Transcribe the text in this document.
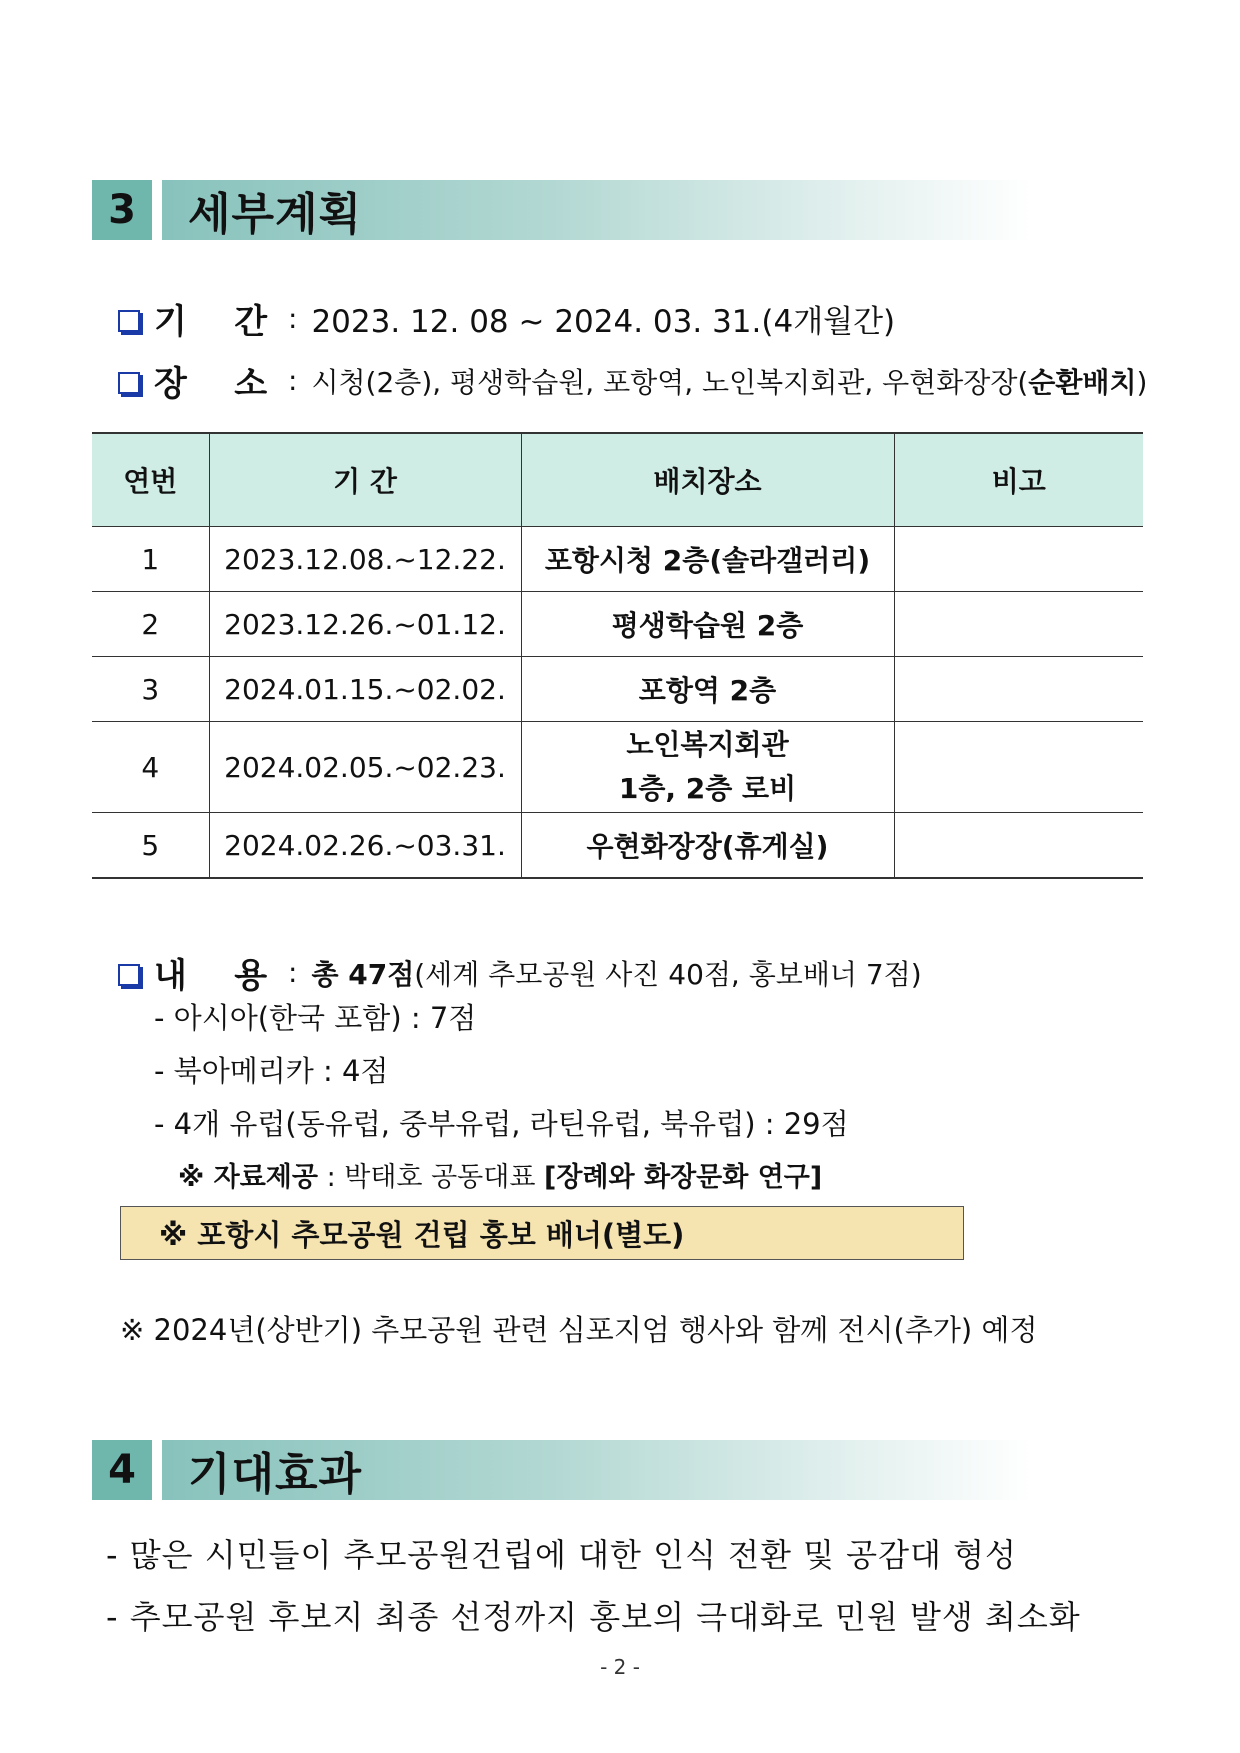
3	세부계획
기    간 : 2023. 12. 08 ~ 2024. 03. 31.(4개월간)
장    소 : 시청(2층), 평생학습원, 포항역, 노인복지회관, 우현화장장(순환배치)
연번	기 간	배치장소	비고
1	2023.12.08.~12.22.	포항시청 2층(솔라갤러리)	
2	2023.12.26.~01.12.	평생학습원 2층	
3	2024.01.15.~02.02.	포항역 2층	
4	2024.02.05.~02.23.	노인복지회관
1층, 2층 로비	

5	2024.02.26.~03.31.	우현화장장(휴게실)	
내    용 : 총 47점(세계 추모공원 사진 40점, 홍보배너 7점)
- 아시아(한국 포함) : 7점
- 북아메리카 : 4점
- 4개 유럽(동유럽, 중부유럽, 라틴유럽, 북유럽) : 29점
※ 자료제공 : 박태호 공동대표 [장례와 화장문화 연구]
※ 포항시 추모공원 건립 홍보 배너(별도)
※ 2024년(상반기) 추모공원 관련 심포지엄 행사와 함께 전시(추가) 예정
4	기대효과
- 많은 시민들이 추모공원건립에 대한 인식 전환 및 공감대 형성
- 추모공원 후보지 최종 선정까지 홍보의 극대화로 민원 발생 최소화
- 2 -
